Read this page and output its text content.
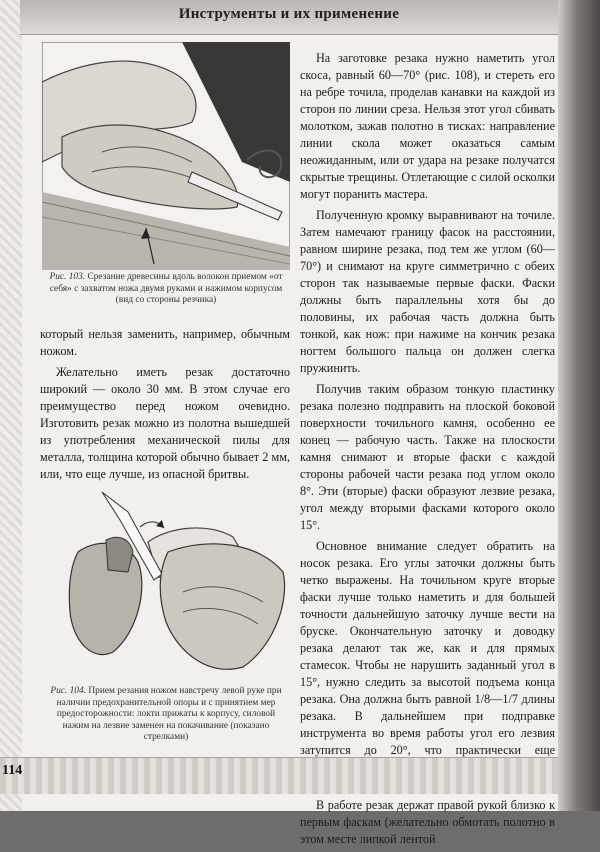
Инструменты и их применение
Рис. 103. Срезание древесины вдоль волокон приемом «от себя» с захватом ножа двумя руками и нажимом корпусом (вид со стороны резчика)

который нельзя заменить, например, обычным ножом.

Желательно иметь резак достаточно широкий — около 30 мм. В этом случае его преимущество перед ножом очевидно. Изготовить резак можно из полотна вышедшей из употребления механической пилы для металла, толщина которой обычно бывает 2 мм, или, что еще лучше, из опасной бритвы.

Рис. 104. Прием резания ножом навстречу левой руке при наличии предохранительной опоры и с принятием мер предосторожности: локти прижаты к корпусу, силовой нажим на лезвие заменен на покачивание (показано стрелками)

На заготовке резака нужно наметить угол скоса, равный 60—70° (рис. 108), и стереть его на ребре точила, проделав канавки на каждой из сторон по линии среза. Нельзя этот угол сбивать молотком, зажав полотно в тисках: направление линии скола может оказаться самым неожиданным, или от удара на резаке получатся скрытые трещины. Отлетающие с силой осколки могут поранить мастера.

Полученную кромку выравнивают на точиле. Затем намечают границу фасок на расстоянии, равном ширине резака, под тем же углом (60—70°) и снимают на круге симметрично с обеих сторон так называемые первые фаски. Фаски должны быть параллельны хотя бы до половины, их рабочая часть должна быть тонкой, как нож: при нажиме на кончик резака ногтем большого пальца он должен слегка пружинить.

Получив таким образом тонкую пластинку резака полезно подправить на плоской боковой поверхности точильного камня, особенно ее конец — рабочую часть. Также на плоскости камня снимают и вторые фаски с каждой стороны рабочей части резака под углом около 8°. Эти (вторые) фаски образуют лезвие резака, угол между вторыми фасками которого около 15°.

Основное внимание следует обратить на носок резака. Его углы заточки должны быть четко выражены. На точильном круге вторые фаски лучше только наметить и для большей точности дальнейшую заточку лучше вести на бруске. Окончательную заточку и доводку резака делают так же, как и для прямых стамесок. Чтобы не нарушить заданный угол в 15°, нужно следить за высотой подъема конца резака. Она должна быть равной 1/8—1/7 длины резака. В дальнейшем при подправке инструмента во время работы угол его лезвия затупится до 20°, что практически еще

В работе резак держат правой рукой близко к первым фаскам (желательно обмотать полотно в этом месте липкой лентой

114
